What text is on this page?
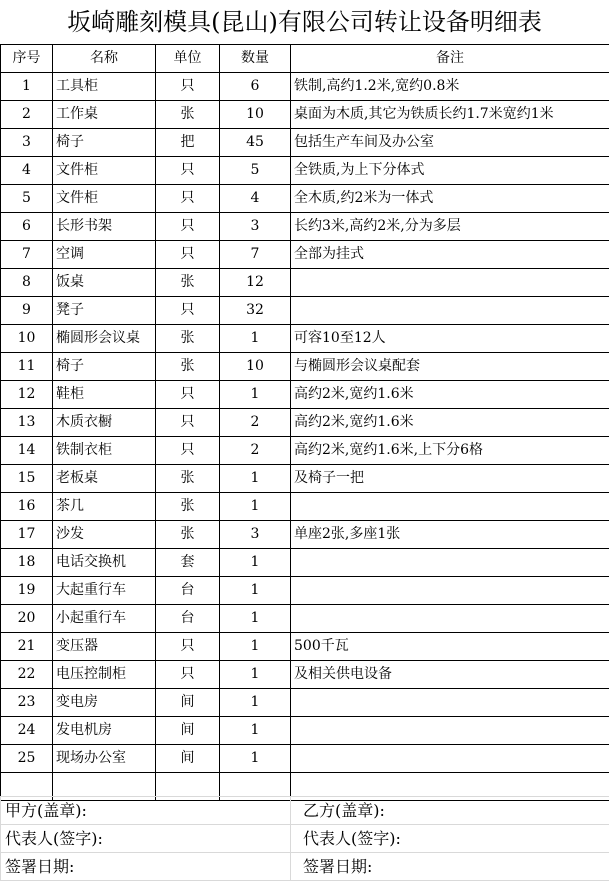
坂崎雕刻模具(昆山)有限公司转让设备明细表
序号	名称	单位	数量	备注
1	工具柜	只	6	铁制,高约1.2米,宽约0.8米
2	工作桌	张	10	桌面为木质,其它为铁质长约1.7米宽约1米
3	椅子	把	45	包括生产车间及办公室
4	文件柜	只	5	全铁质,为上下分体式
5	文件柜	只	4	全木质,约2米为一体式
6	长形书架	只	3	长约3米,高约2米,分为多层
7	空调	只	7	全部为挂式
8	饭桌	张	12	
9	凳子	只	32	
10	椭圆形会议桌	张	1	可容10至12人
11	椅子	张	10	与椭圆形会议桌配套
12	鞋柜	只	1	高约2米,宽约1.6米
13	木质衣橱	只	2	高约2米,宽约1.6米
14	铁制衣柜	只	2	高约2米,宽约1.6米,上下分6格
15	老板桌	张	1	及椅子一把
16	茶几	张	1	
17	沙发	张	3	单座2张,多座1张
18	电话交换机	套	1	
19	大起重行车	台	1	
20	小起重行车	台	1	
21	变压器	只	1	500千瓦
22	电压控制柜	只	1	及相关供电设备
23	变电房	间	1	
24	发电机房	间	1	
25	现场办公室	间	1	

甲方(盖章):	乙方(盖章):
代表人(签字):	代表人(签字):
签署日期:	签署日期:
